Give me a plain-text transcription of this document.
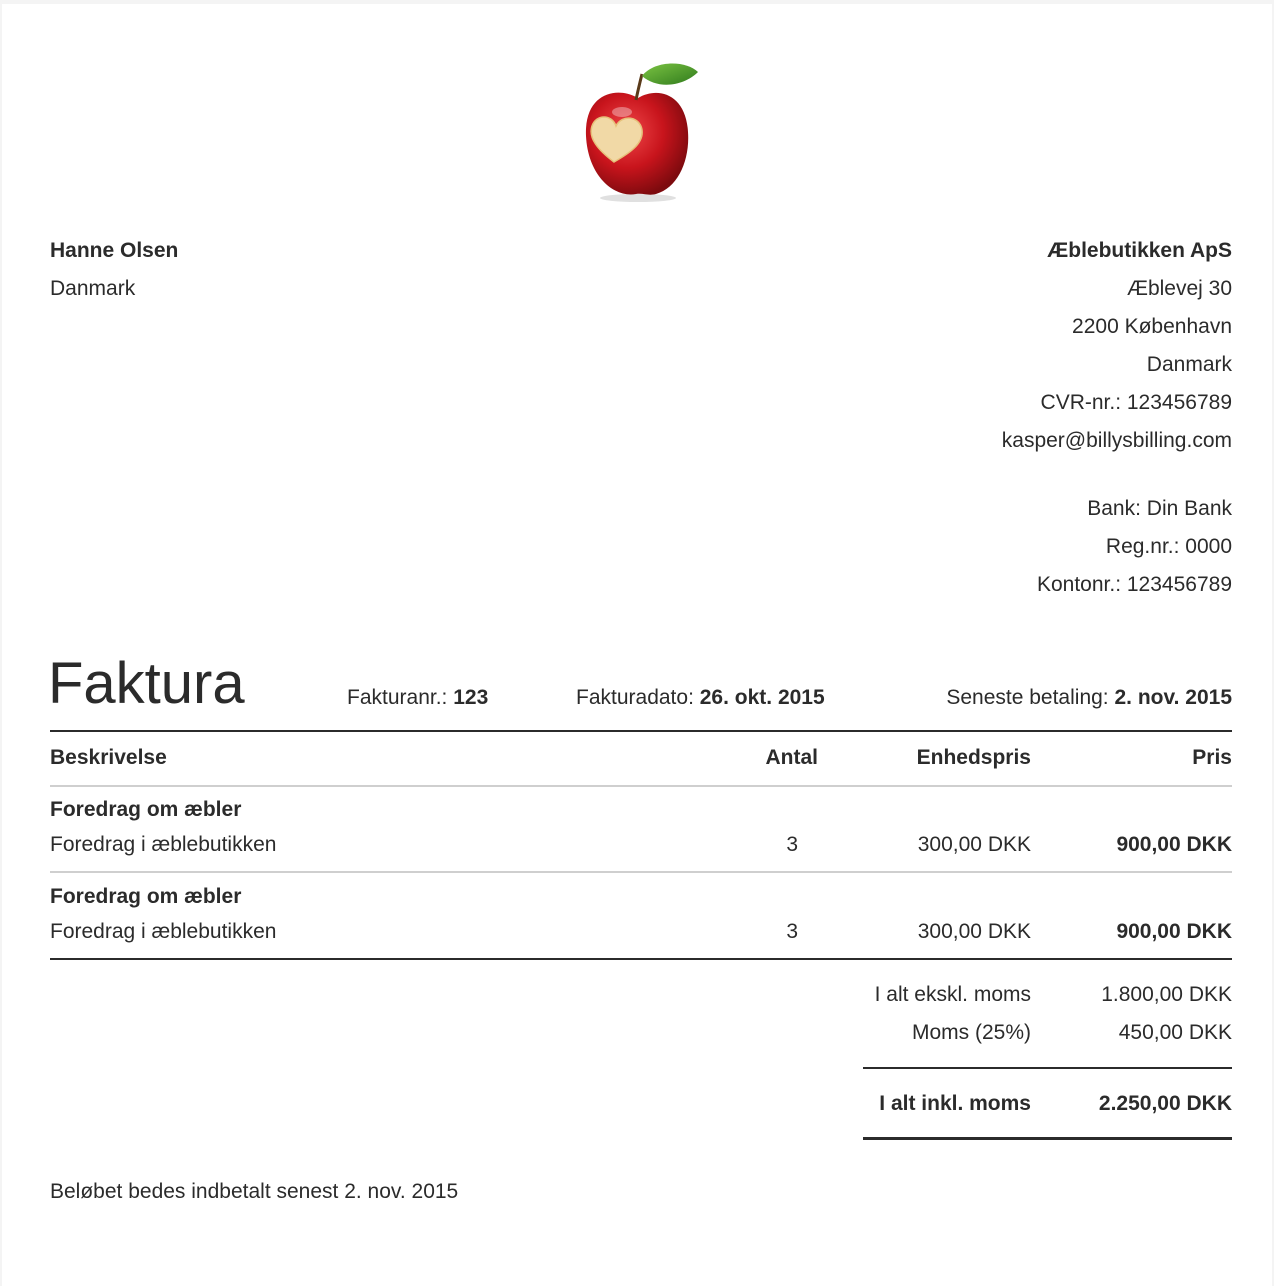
Hanne Olsen
Danmark
Æblebutikken ApS
Æblevej 30
2200 København
Danmark
CVR-nr.: 123456789
kasper@billysbilling.com
Bank: Din Bank
Reg.nr.: 0000
Kontonr.: 123456789
Faktura	Fakturanr.: 123	Fakturadato: 26. okt. 2015	Seneste betaling: 2. nov. 2015
Beskrivelse	Antal	Enhedspris	Pris
Foredrag om æbler
Foredrag i æblebutikken	3	300,00 DKK	900,00 DKK
Foredrag om æbler
Foredrag i æblebutikken	3	300,00 DKK	900,00 DKK
I alt ekskl. moms	1.800,00 DKK
Moms (25%)	450,00 DKK
I alt inkl. moms	2.250,00 DKK
Beløbet bedes indbetalt senest 2. nov. 2015
